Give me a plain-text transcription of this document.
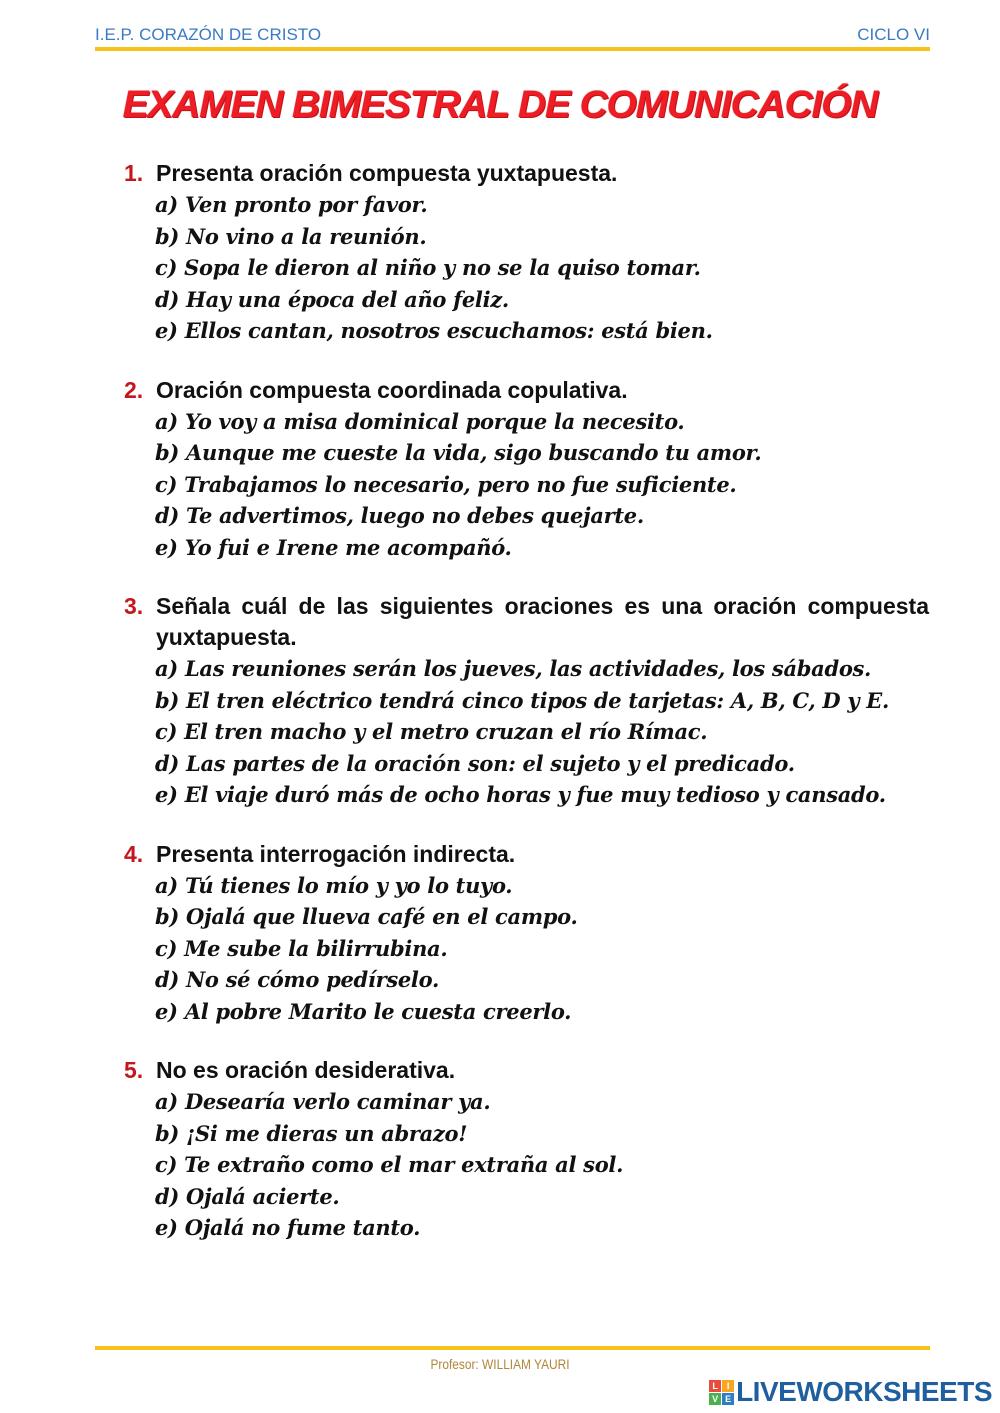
I.E.P. CORAZÓN DE CRISTO	CICLO VI
EXAMEN BIMESTRAL DE COMUNICACIÓN
1. Presenta oración compuesta yuxtapuesta.
a) Ven pronto por favor.
b) No vino a la reunión.
c) Sopa le dieron al niño y no se la quiso tomar.
d) Hay una época del año feliz.
e) Ellos cantan, nosotros escuchamos: está bien.
2. Oración compuesta coordinada copulativa.
a) Yo voy a misa dominical porque la necesito.
b) Aunque me cueste la vida, sigo buscando tu amor.
c) Trabajamos lo necesario, pero no fue suficiente.
d) Te advertimos, luego no debes quejarte.
e) Yo fui e Irene me acompañó.
3. Señala cuál de las siguientes oraciones es una oración compuesta yuxtapuesta.
a) Las reuniones serán los jueves, las actividades, los sábados.
b) El tren eléctrico tendrá cinco tipos de tarjetas: A, B, C, D y E.
c) El tren macho y el metro cruzan el río Rímac.
d) Las partes de la oración son: el sujeto y el predicado.
e) El viaje duró más de ocho horas y fue muy tedioso y cansado.
4. Presenta interrogación indirecta.
a) Tú tienes lo mío y yo lo tuyo.
b) Ojalá que llueva café en el campo.
c) Me sube la bilirrubina.
d) No sé cómo pedírselo.
e) Al pobre Marito le cuesta creerlo.
5. No es oración desiderativa.
a) Desearía verlo caminar ya.
b) ¡Si me dieras un abrazo!
c) Te extraño como el mar extraña al sol.
d) Ojalá acierte.
e) Ojalá no fume tanto.
Profesor: WILLIAM YAURI
L I
V E LIVEWORKSHEETS
